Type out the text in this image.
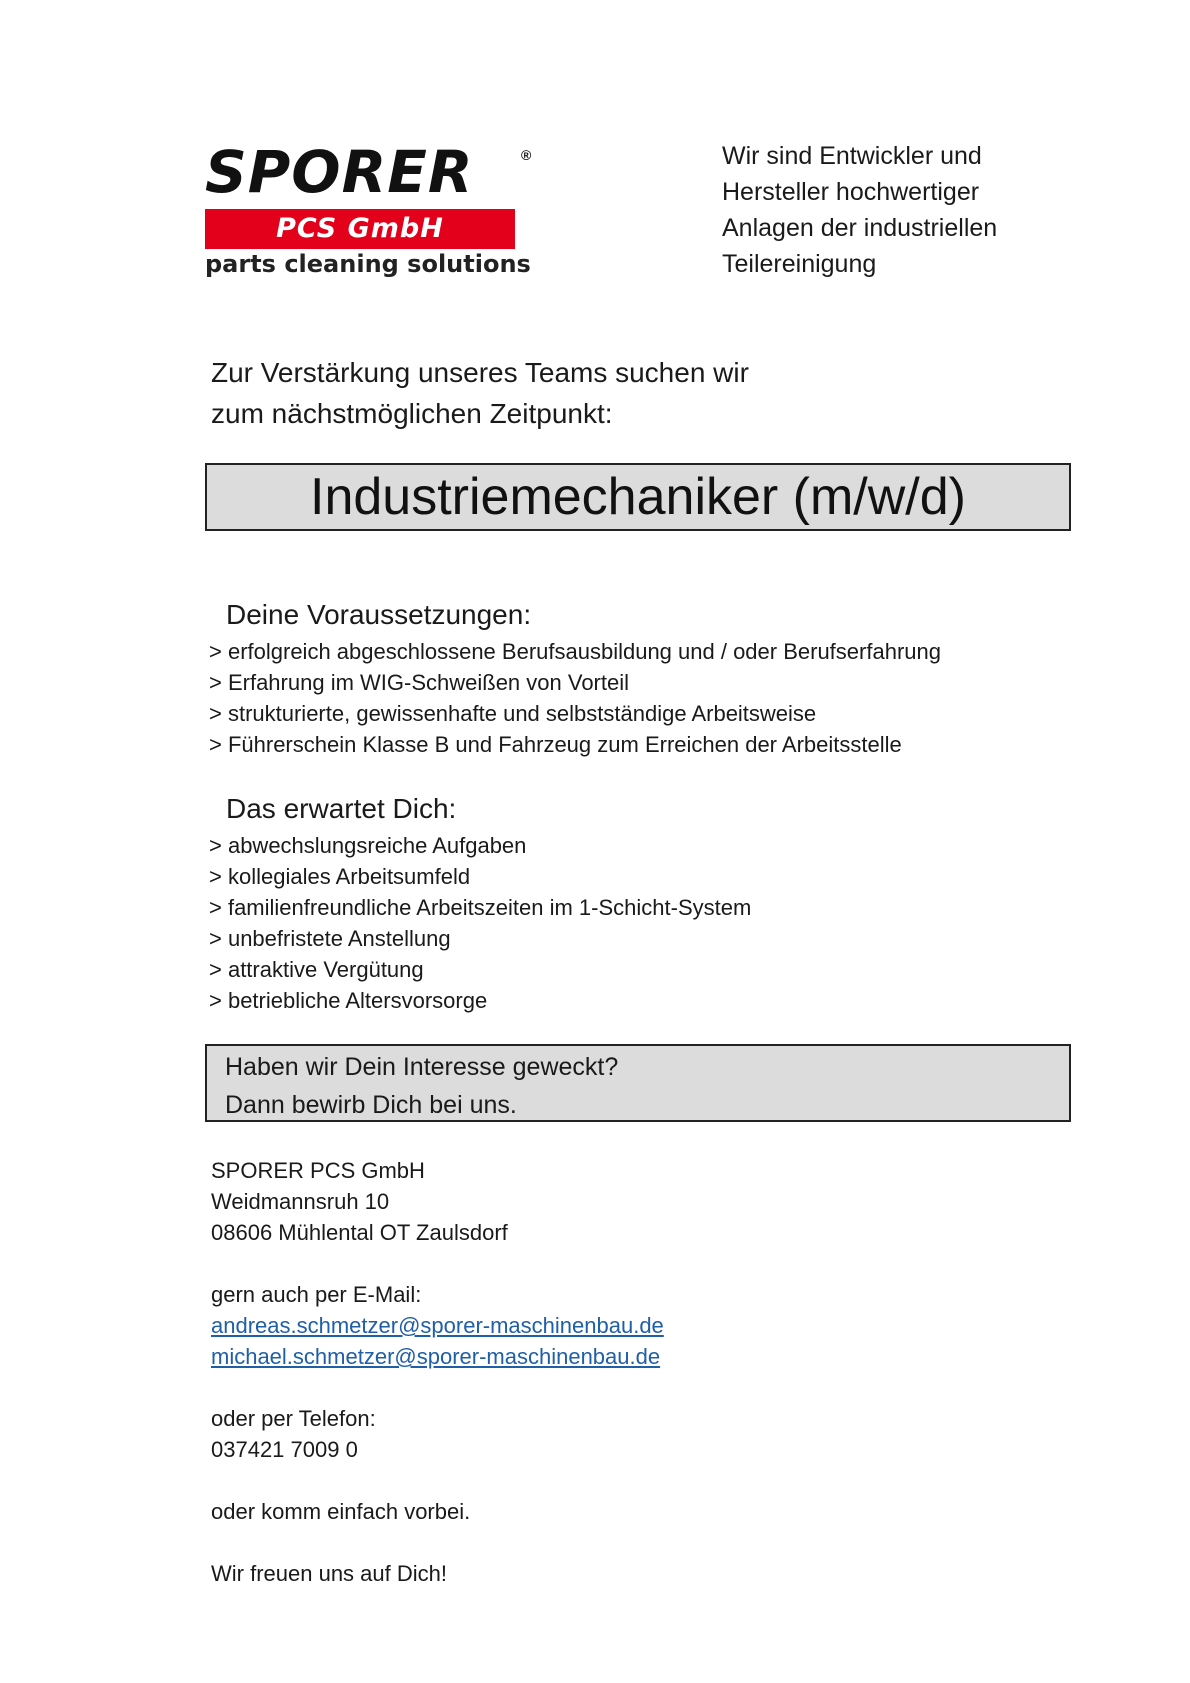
SPORER	®
PCS GmbH
parts cleaning solutions
Wir sind Entwickler und
Hersteller hochwertiger
Anlagen der industriellen
Teilereinigung
Zur Verstärkung unseres Teams suchen wir
zum nächstmöglichen Zeitpunkt:
Industriemechaniker (m/w/d)
Deine Voraussetzungen:
> erfolgreich abgeschlossene Berufsausbildung und / oder Berufserfahrung
> Erfahrung im WIG-Schweißen von Vorteil
> strukturierte, gewissenhafte und selbstständige Arbeitsweise
> Führerschein Klasse B und Fahrzeug zum Erreichen der Arbeitsstelle
Das erwartet Dich:
> abwechslungsreiche Aufgaben
> kollegiales Arbeitsumfeld
> familienfreundliche Arbeitszeiten im 1-Schicht-System
> unbefristete Anstellung
> attraktive Vergütung
> betriebliche Altersvorsorge
Haben wir Dein Interesse geweckt?
Dann bewirb Dich bei uns.
SPORER PCS GmbH
Weidmannsruh 10
08606 Mühlental OT Zaulsdorf
gern auch per E-Mail:
andreas.schmetzer@sporer-maschinenbau.de
michael.schmetzer@sporer-maschinenbau.de
oder per Telefon:
037421 7009 0
oder komm einfach vorbei.
Wir freuen uns auf Dich!
